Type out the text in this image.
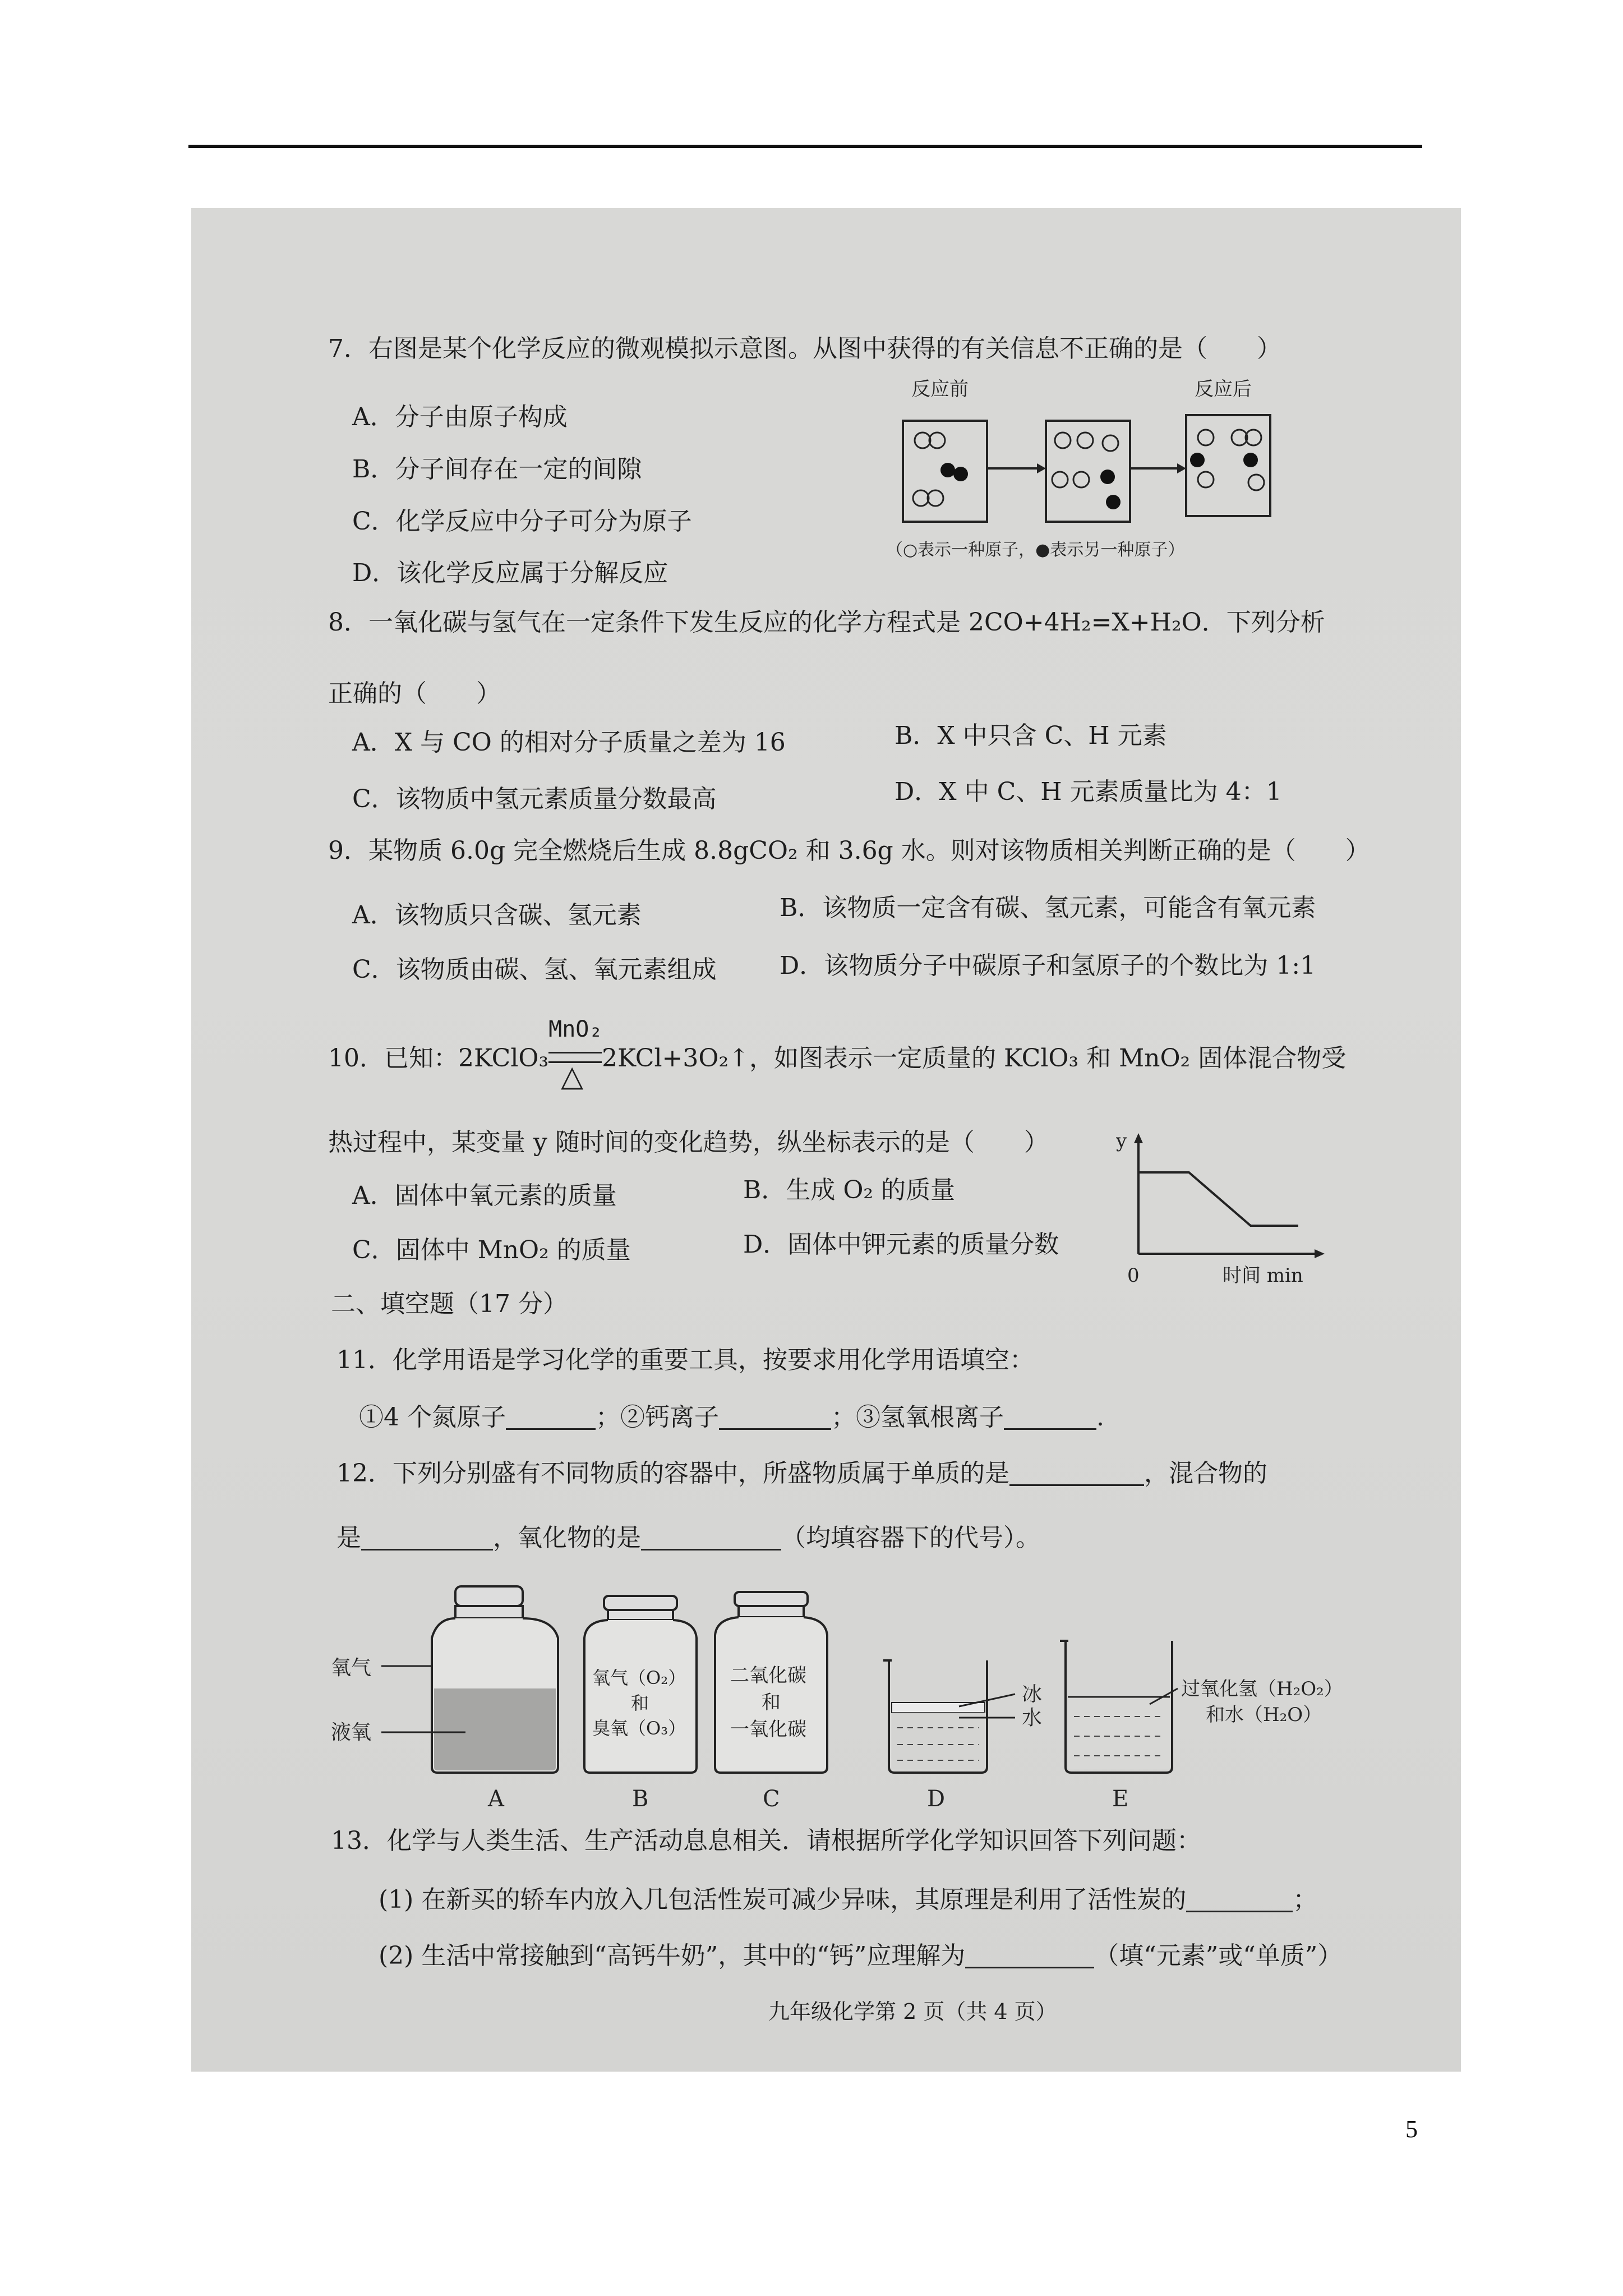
7．右图是某个化学反应的微观模拟示意图。从图中获得的有关信息不正确的是（　　）
A．分子由原子构成
B．分子间存在一定的间隙
C．化学反应中分子可分为原子
D．该化学反应属于分解反应
反应前	反应后
（○表示一种原子，●表示另一种原子）
8．一氧化碳与氢气在一定条件下发生反应的化学方程式是 2CO+4H₂=X+H₂O．下列分析
正确的（　　）
A．X 与 CO 的相对分子质量之差为 16	B．X 中只含 C、H 元素
C．该物质中氢元素质量分数最高	D．X 中 C、H 元素质量比为 4：1
9．某物质 6.0g 完全燃烧后生成 8.8gCO₂ 和 3.6g 水。则对该物质相关判断正确的是（　　）
A．该物质只含碳、氢元素	B．该物质一定含有碳、氢元素，可能含有氧元素
C．该物质由碳、氢、氧元素组成	D．该物质分子中碳原子和氢原子的个数比为 1:1
10．已知：2KClO₃
MnO₂
△
2KCl+3O₂↑，如图表示一定质量的 KClO₃ 和 MnO₂ 固体混合物受
热过程中，某变量 y 随时间的变化趋势，纵坐标表示的是（　　）
A．固体中氧元素的质量	B．生成 O₂ 的质量
C．固体中 MnO₂ 的质量	D．固体中钾元素的质量分数
y
0	时间 min
二、填空题（17 分）
11．化学用语是学习化学的重要工具，按要求用化学用语填空：
①4 个氮原子	；②钙离子	；③氢氧根离子	.
12．下列分别盛有不同物质的容器中，所盛物质属于单质的是	，混合物的
是	，氧化物的是	（均填容器下的代号）。
氧气
液氧
A
氧气（O₂）
和
臭氧（O₃）
B
二氧化碳
和
一氧化碳
C
冰
水
D
过氧化氢（H₂O₂）
和水（H₂O）
E
13．化学与人类生活、生产活动息息相关．请根据所学化学知识回答下列问题：
(1) 在新买的轿车内放入几包活性炭可减少异味，其原理是利用了活性炭的	；
(2) 生活中常接触到“高钙牛奶”，其中的“钙”应理解为	（填“元素”或“单质”）
九年级化学第 2 页（共 4 页）
5
